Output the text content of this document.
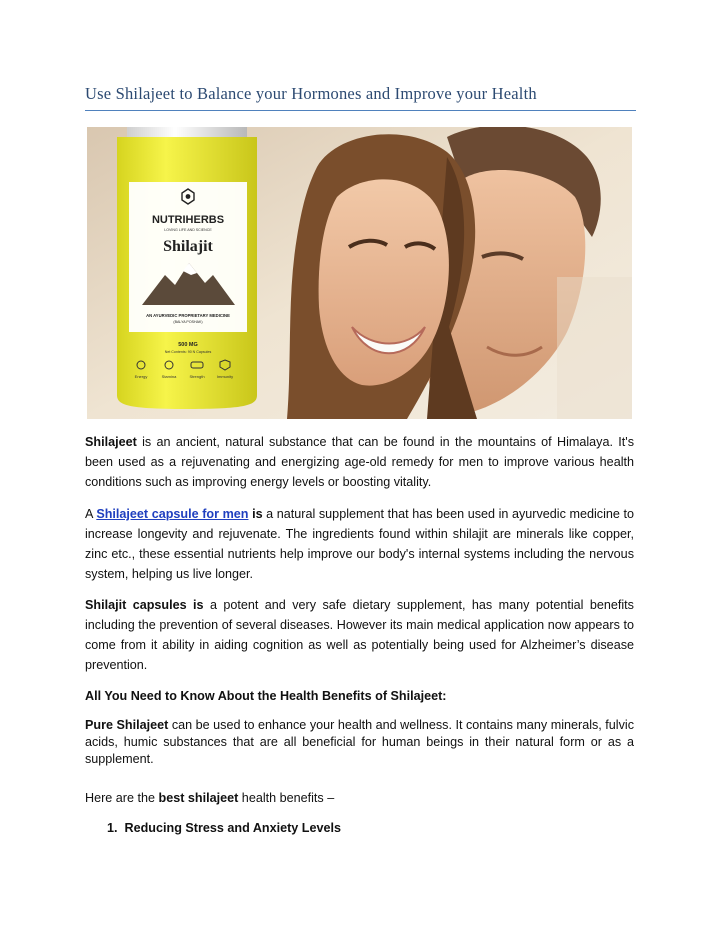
Use Shilajeet to Balance your Hormones and Improve your Health
NUTRIHERBS
LOVING LIFE AND SCIENCE
Shilajit
AN AYURVEDIC PROPRIETARY MEDICINE
(BALYA POSHAK)
500 MG
Net Contents: 90 N Capsules
Energy	Stamina	Strength	Immunity

Shilajeet is an ancient, natural substance that can be found in the mountains of Himalaya. It's been used as a rejuvenating and energizing age-old remedy for men to improve various health conditions such as improving energy levels or boosting vitality.

A Shilajeet capsule for men is a natural supplement that has been used in ayurvedic medicine to increase longevity and rejuvenate. The ingredients found within shilajit are minerals like copper, zinc etc., these essential nutrients help improve our body's internal systems including the nervous system, helping us live longer.

Shilajit capsules is a potent and very safe dietary supplement, has many potential benefits including the prevention of several diseases. However its main medical application now appears to come from it ability in aiding cognition as well as potentially being used for Alzheimer’s disease prevention.

All You Need to Know About the Health Benefits of Shilajeet:

Pure Shilajeet can be used to enhance your health and wellness. It contains many minerals, fulvic acids, humic substances that are all beneficial for human beings in their natural form or as a supplement.

Here are the best shilajeet health benefits –

1. Reducing Stress and Anxiety Levels
